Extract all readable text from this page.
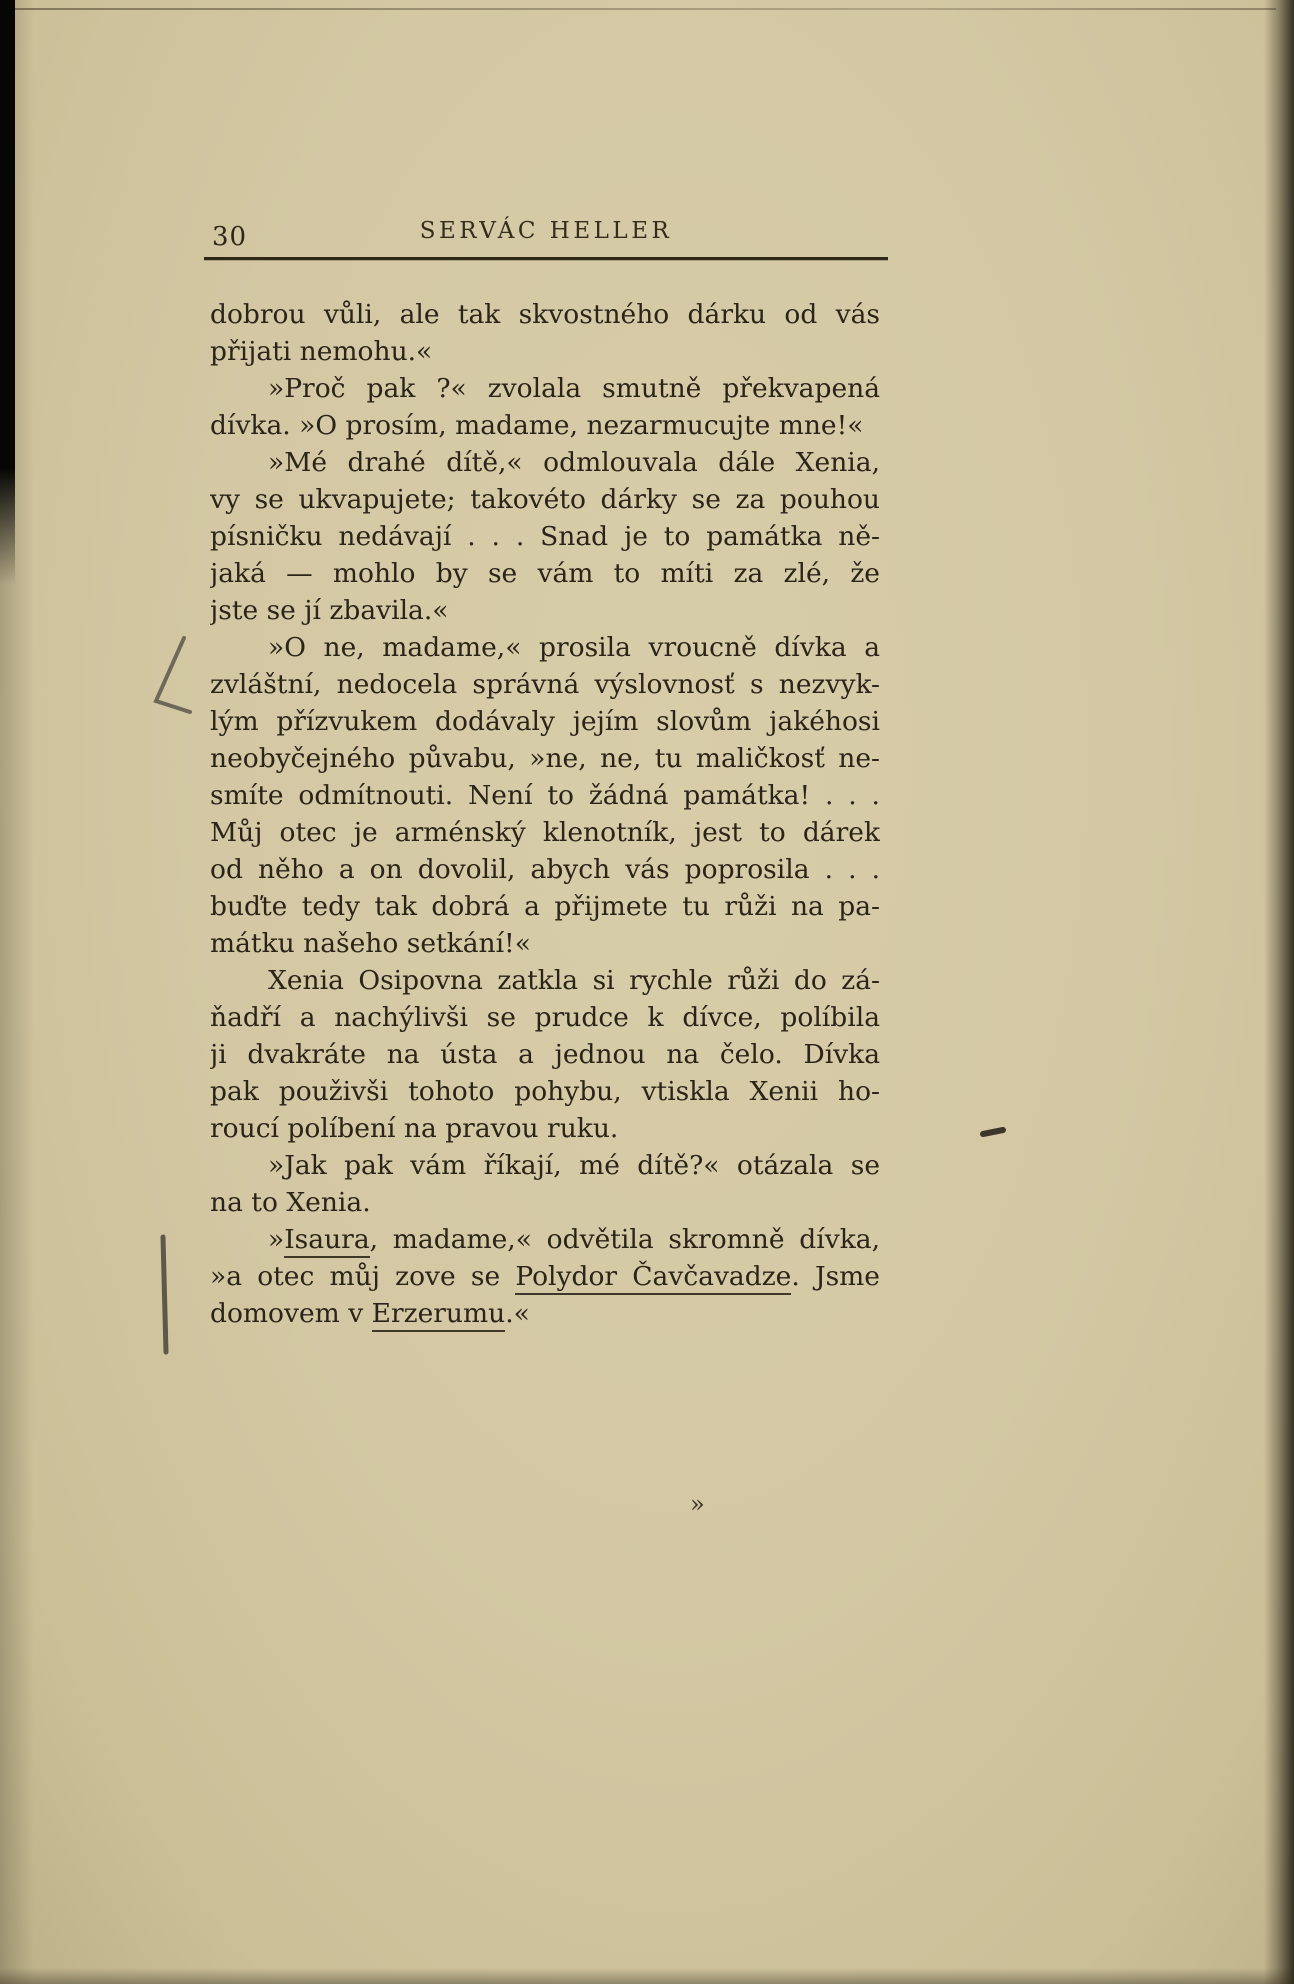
30	SERVÁC HELLER
dobrou vůli, ale tak skvostného dárku od vás
přijati nemohu.«
»Proč pak ?« zvolala smutně překvapená
dívka. »O prosím, madame, nezarmucujte mne!«
»Mé drahé dítě,« odmlouvala dále Xenia,
vy se ukvapujete; takovéto dárky se za pouhou
písničku nedávají . . . Snad je to památka ně-
jaká — mohlo by se vám to míti za zlé, že
jste se jí zbavila.«
»O ne, madame,« prosila vroucně dívka a
zvláštní, nedocela správná výslovnosť s nezvyk-
lým přízvukem dodávaly jejím slovům jakéhosi
neobyčejného půvabu, »ne, ne, tu maličkosť ne-
smíte odmítnouti. Není to žádná památka! . . .
Můj otec je arménský klenotník, jest to dárek
od něho a on dovolil, abych vás poprosila . . .
buďte tedy tak dobrá a přijmete tu růži na pa-
mátku našeho setkání!«
Xenia Osipovna zatkla si rychle růži do zá-
ňadří a nachýlivši se prudce k dívce, políbila
ji dvakráte na ústa a jednou na čelo. Dívka
pak použivši tohoto pohybu, vtiskla Xenii ho-
roucí políbení na pravou ruku.
»Jak pak vám říkají, mé dítě?« otázala se
na to Xenia.
»Isaura, madame,« odvětila skromně dívka,
»a otec můj zove se Polydor Čavčavadze. Jsme
domovem v Erzerumu.«
»
